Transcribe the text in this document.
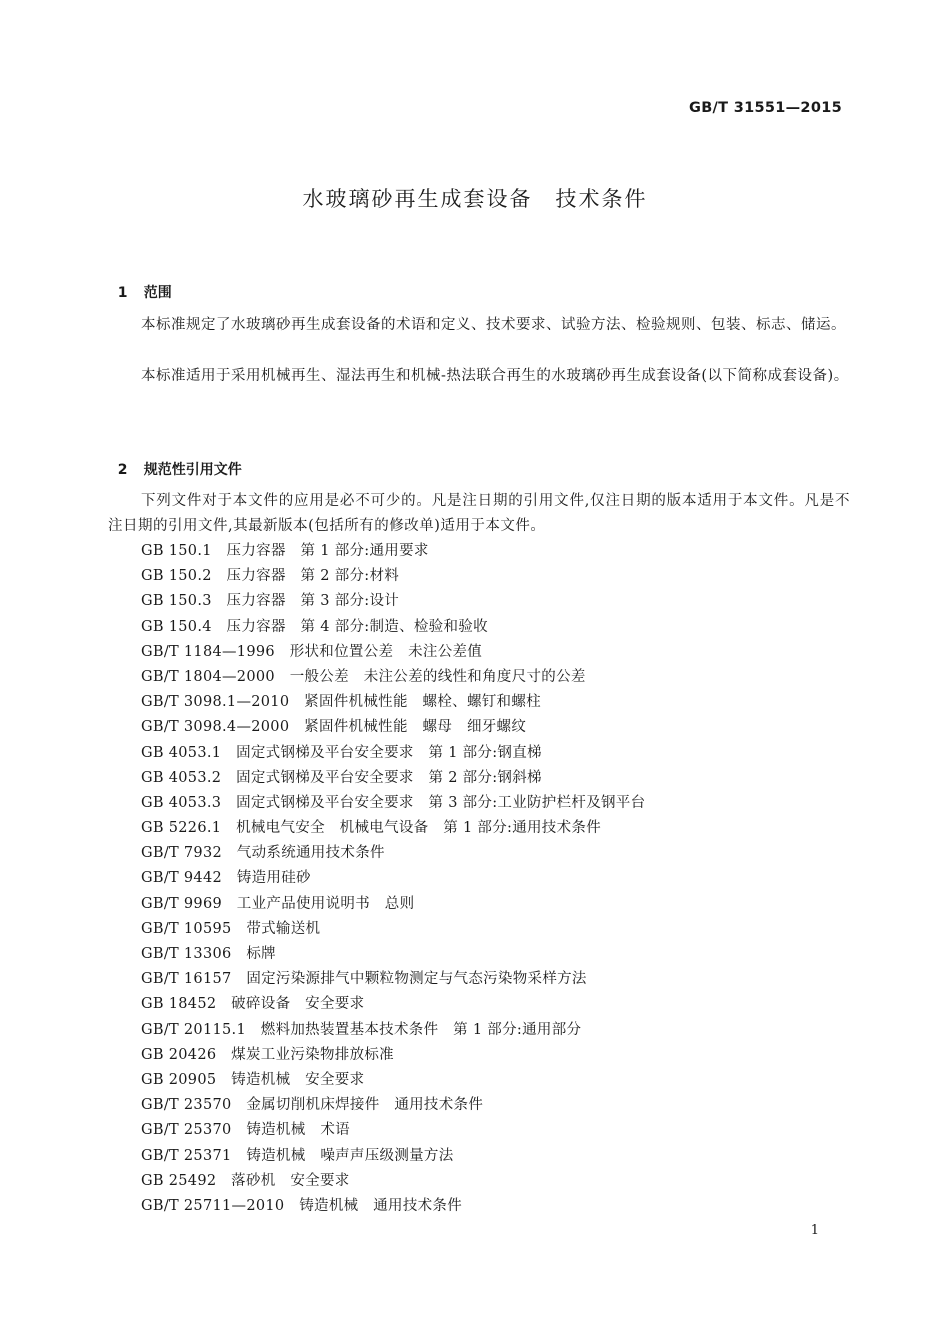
GB/T 31551—2015
水玻璃砂再生成套设备　技术条件

1 范围

本标准规定了水玻璃砂再生成套设备的术语和定义、技术要求、试验方法、检验规则、包装、标志、储运。

本标准适用于采用机械再生、湿法再生和机械-热法联合再生的水玻璃砂再生成套设备(以下简称成套设备)。

2 规范性引用文件

下列文件对于本文件的应用是必不可少的。凡是注日期的引用文件,仅注日期的版本适用于本文件。凡是不注日期的引用文件,其最新版本(包括所有的修改单)适用于本文件。

GB 150.1　压力容器　第 1 部分:通用要求
GB 150.2　压力容器　第 2 部分:材料
GB 150.3　压力容器　第 3 部分:设计
GB 150.4　压力容器　第 4 部分:制造、检验和验收
GB/T 1184—1996　形状和位置公差　未注公差值
GB/T 1804—2000　一般公差　未注公差的线性和角度尺寸的公差
GB/T 3098.1—2010　紧固件机械性能　螺栓、螺钉和螺柱
GB/T 3098.4—2000　紧固件机械性能　螺母　细牙螺纹
GB 4053.1　固定式钢梯及平台安全要求　第 1 部分:钢直梯
GB 4053.2　固定式钢梯及平台安全要求　第 2 部分:钢斜梯
GB 4053.3　固定式钢梯及平台安全要求　第 3 部分:工业防护栏杆及钢平台
GB 5226.1　机械电气安全　机械电气设备　第 1 部分:通用技术条件
GB/T 7932　气动系统通用技术条件
GB/T 9442　铸造用硅砂
GB/T 9969　工业产品使用说明书　总则
GB/T 10595　带式输送机
GB/T 13306　标牌
GB/T 16157　固定污染源排气中颗粒物测定与气态污染物采样方法
GB 18452　破碎设备　安全要求
GB/T 20115.1　燃料加热装置基本技术条件　第 1 部分:通用部分
GB 20426　煤炭工业污染物排放标准
GB 20905　铸造机械　安全要求
GB/T 23570　金属切削机床焊接件　通用技术条件
GB/T 25370　铸造机械　术语
GB/T 25371　铸造机械　噪声声压级测量方法
GB 25492　落砂机　安全要求
GB/T 25711—2010　铸造机械　通用技术条件
1
